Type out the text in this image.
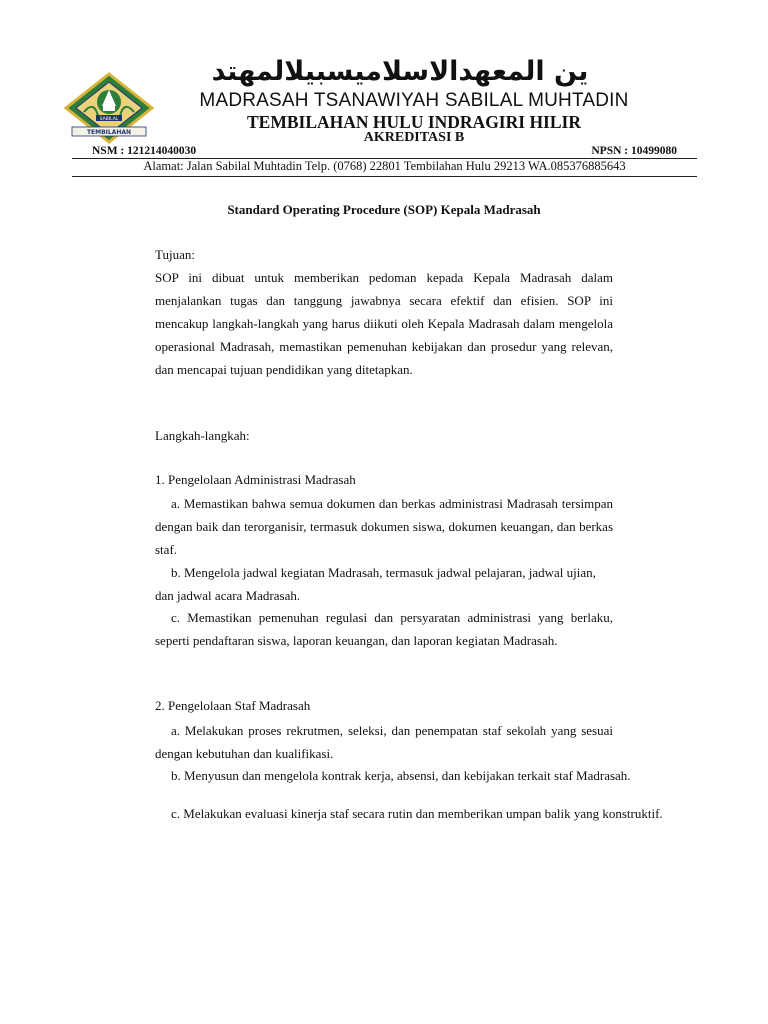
SABILAL
TEMBILAHAN
ين المعهدالاسلاميسبيلالمهتد
MADRASAH TSANAWIYAH SABILAL MUHTADIN
TEMBILAHAN HULU INDRAGIRI HILIR
AKREDITASI B
NSM : 121214040030	NPSN : 10499080
Alamat: Jalan Sabilal Muhtadin Telp. (0768) 22801 Tembilahan Hulu 29213 WA.085376885643
Standard Operating Procedure (SOP) Kepala Madrasah
Tujuan:
SOP ini dibuat untuk memberikan pedoman kepada Kepala Madrasah dalam menjalankan tugas dan tanggung jawabnya secara efektif dan efisien. SOP ini mencakup langkah-langkah yang harus diikuti oleh Kepala Madrasah dalam mengelola operasional Madrasah, memastikan pemenuhan kebijakan dan prosedur yang relevan, dan mencapai tujuan pendidikan yang ditetapkan.
Langkah-langkah:
1. Pengelolaan Administrasi Madrasah
a. Memastikan bahwa semua dokumen dan berkas administrasi Madrasah tersimpan dengan baik dan terorganisir, termasuk dokumen siswa, dokumen keuangan, dan berkas staf.
b. Mengelola jadwal kegiatan Madrasah, termasuk jadwal pelajaran, jadwal ujian, dan jadwal acara Madrasah.
c. Memastikan pemenuhan regulasi dan persyaratan administrasi yang berlaku, seperti pendaftaran siswa, laporan keuangan, dan laporan kegiatan Madrasah.
2. Pengelolaan Staf Madrasah
a. Melakukan proses rekrutmen, seleksi, dan penempatan staf sekolah yang sesuai dengan kebutuhan dan kualifikasi.
b. Menyusun dan mengelola kontrak kerja, absensi, dan kebijakan terkait staf Madrasah.
c. Melakukan evaluasi kinerja staf secara rutin dan memberikan umpan balik yang konstruktif.
